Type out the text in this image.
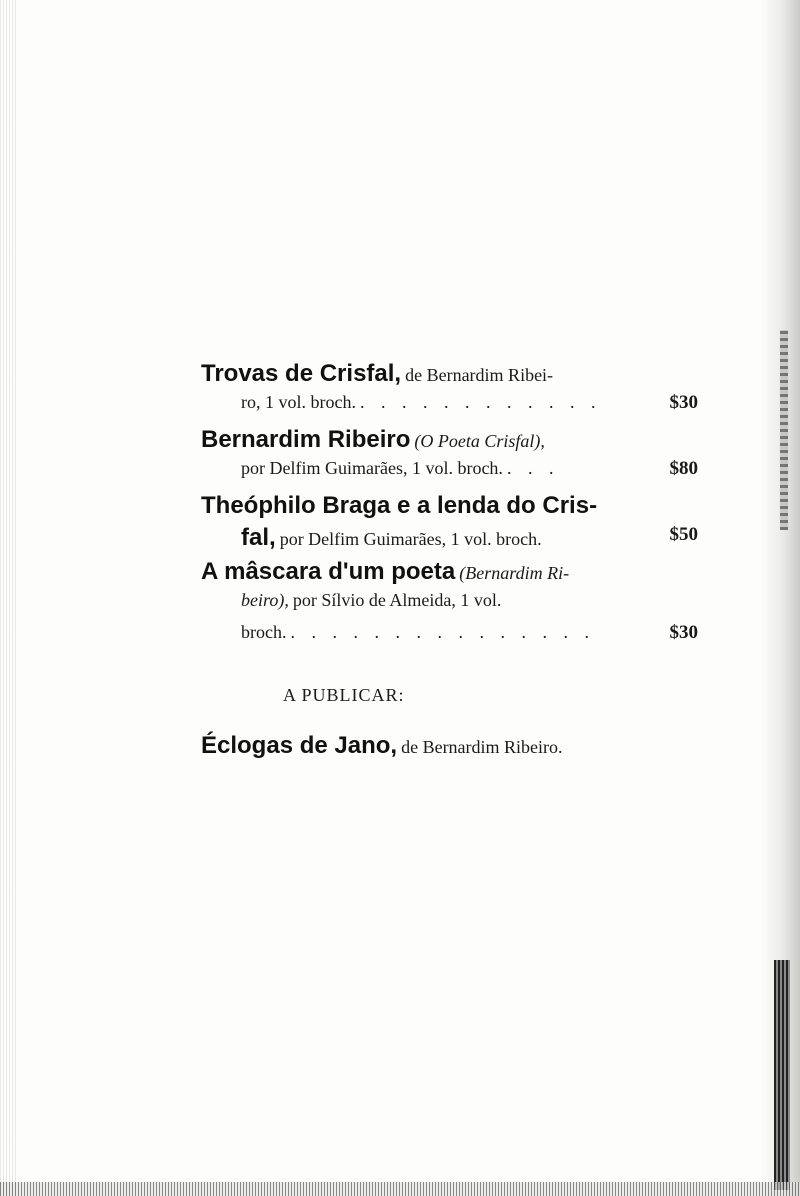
Trovas de Crisfal, de Bernardim Ribei-
ro, 1 vol. broch. . . . . . . . . . . . .	$30
Bernardim Ribeiro (O Poeta Crisfal),
por Delfim Guimarães, 1 vol. broch. . . .	$80
Theóphilo Braga e a lenda do Cris-
fal, por Delfim Guimarães, 1 vol. broch.	$50
A mâscara d'um poeta (Bernardim Ri-
beiro), por Sílvio de Almeida, 1 vol.
broch. . . . . . . . . . . . . . . .	$30
A PUBLICAR:
Éclogas de Jano, de Bernardim Ribeiro.
